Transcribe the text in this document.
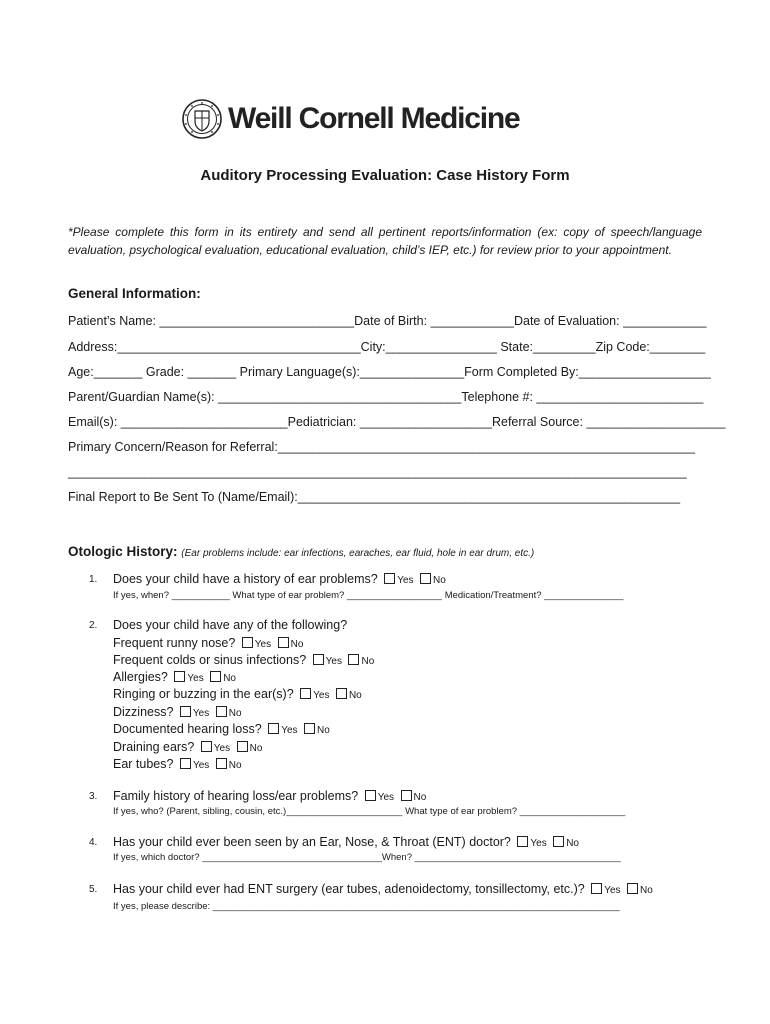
Weill Cornell Medicine
Auditory Processing Evaluation: Case History Form
*Please complete this form in its entirety and send all pertinent reports/information (ex: copy of speech/language evaluation, psychological evaluation, educational evaluation, child’s IEP, etc.) for review prior to your appointment.
General Information:
Patient’s Name: ____________________________Date of Birth: ____________Date of Evaluation: ____________
Address:___________________________________City:________________ State:_________Zip Code:________
Age:_______ Grade: _______ Primary Language(s):_______________Form Completed By:___________________
Parent/Guardian Name(s): ___________________________________Telephone #: ________________________
Email(s): ________________________Pediatrician: ___________________Referral Source: ____________________
Primary Concern/Reason for Referral:____________________________________________________________
_________________________________________________________________________________________
Final Report to Be Sent To (Name/Email):_______________________________________________________
Otologic History: (Ear problems include: ear infections, earaches, ear fluid, hole in ear drum, etc.)
1. Does your child have a history of ear problems? Yes No
If yes, when? ___________ What type of ear problem? __________________ Medication/Treatment? _______________
2. Does your child have any of the following?
Frequent runny nose? Yes No
Frequent colds or sinus infections? Yes No
Allergies? Yes No
Ringing or buzzing in the ear(s)? Yes No
Dizziness? Yes No
Documented hearing loss? Yes No
Draining ears? Yes No
Ear tubes? Yes No
3. Family history of hearing loss/ear problems? Yes No
If yes, who? (Parent, sibling, cousin, etc.)______________________ What type of ear problem? ____________________
4. Has your child ever been seen by an Ear, Nose, & Throat (ENT) doctor? Yes No
If yes, which doctor? __________________________________When? _______________________________________
5. Has your child ever had ENT surgery (ear tubes, adenoidectomy, tonsillectomy, etc.)? Yes No
If yes, please describe: _____________________________________________________________________________
